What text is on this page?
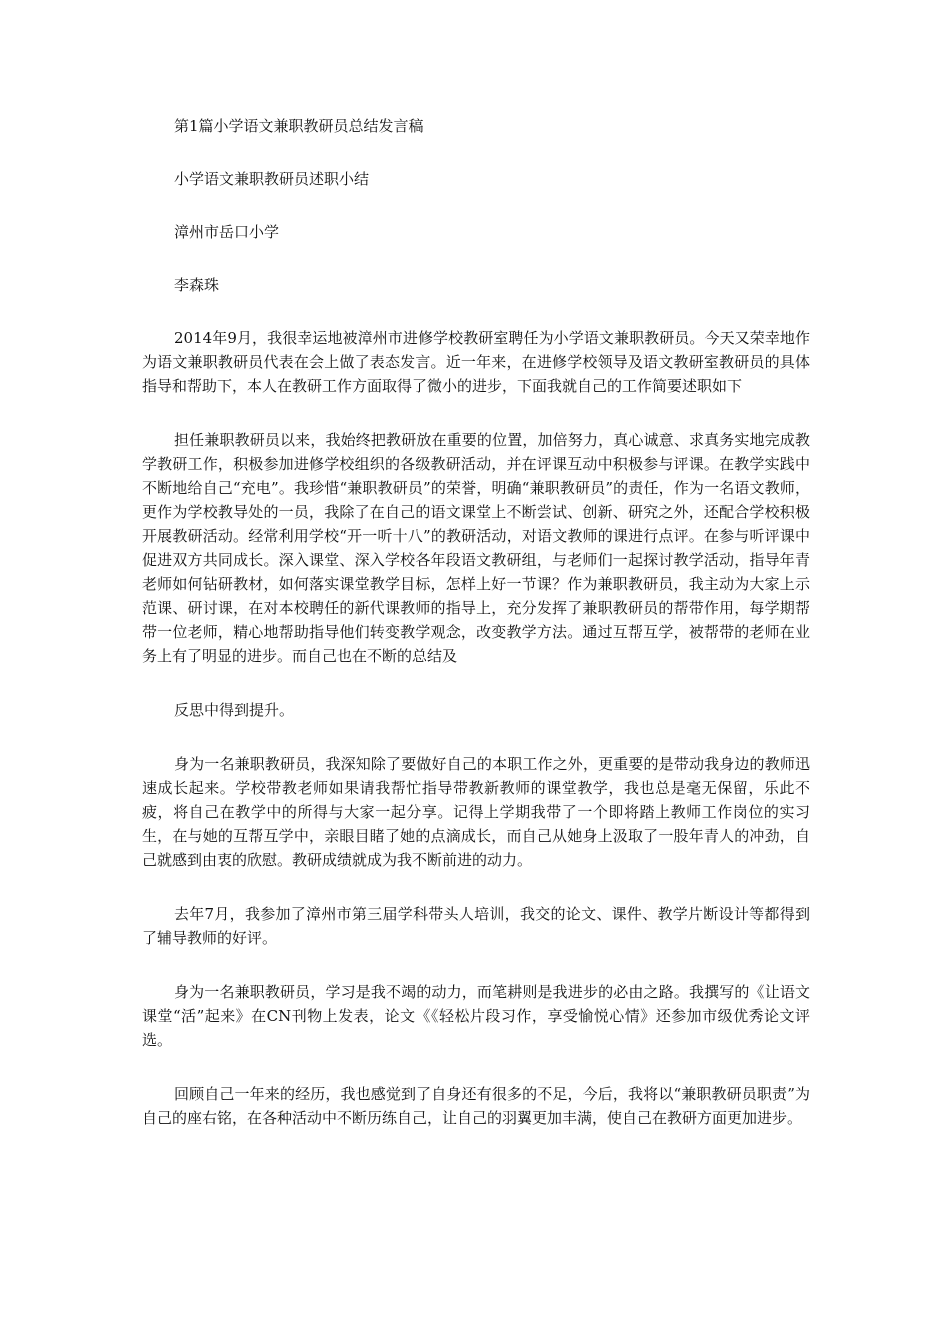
第1篇小学语文兼职教研员总结发言稿

小学语文兼职教研员述职小结

漳州市岳口小学

李森珠

2014年9月，我很幸运地被漳州市进修学校教研室聘任为小学语文兼职教研员。今天又荣幸地作为语文兼职教研员代表在会上做了表态发言。近一年来，在进修学校领导及语文教研室教研员的具体指导和帮助下，本人在教研工作方面取得了微小的进步，下面我就自己的工作简要述职如下

担任兼职教研员以来，我始终把教研放在重要的位置，加倍努力，真心诚意、求真务实地完成教学教研工作，积极参加进修学校组织的各级教研活动，并在评课互动中积极参与评课。在教学实践中不断地给自己“充电”。我珍惜“兼职教研员”的荣誉，明确“兼职教研员”的责任，作为一名语文教师，更作为学校教导处的一员，我除了在自己的语文课堂上不断尝试、创新、研究之外，还配合学校积极开展教研活动。经常利用学校“开一听十八”的教研活动，对语文教师的课进行点评。在参与听评课中促进双方共同成长。深入课堂、深入学校各年段语文教研组，与老师们一起探讨教学活动，指导年青老师如何钻研教材，如何落实课堂教学目标，怎样上好一节课？作为兼职教研员，我主动为大家上示范课、研讨课，在对本校聘任的新代课教师的指导上，充分发挥了兼职教研员的帮带作用，每学期帮带一位老师，精心地帮助指导他们转变教学观念，改变教学方法。通过互帮互学，被帮带的老师在业务上有了明显的进步。而自己也在不断的总结及

反思中得到提升。

身为一名兼职教研员，我深知除了要做好自己的本职工作之外，更重要的是带动我身边的教师迅速成长起来。学校带教老师如果请我帮忙指导带教新教师的课堂教学，我也总是毫无保留，乐此不疲，将自己在教学中的所得与大家一起分享。记得上学期我带了一个即将踏上教师工作岗位的实习生，在与她的互帮互学中，亲眼目睹了她的点滴成长，而自己从她身上汲取了一股年青人的冲劲，自己就感到由衷的欣慰。教研成绩就成为我不断前进的动力。

去年7月，我参加了漳州市第三届学科带头人培训，我交的论文、课件、教学片断设计等都得到了辅导教师的好评。

身为一名兼职教研员，学习是我不竭的动力，而笔耕则是我进步的必由之路。我撰写的《让语文课堂“活”起来》在CN刊物上发表，论文《《轻松片段习作，享受愉悦心情》还参加市级优秀论文评选。

回顾自己一年来的经历，我也感觉到了自身还有很多的不足，今后，我将以“兼职教研员职责”为自己的座右铭，在各种活动中不断历练自己，让自己的羽翼更加丰满，使自己在教研方面更加进步。
